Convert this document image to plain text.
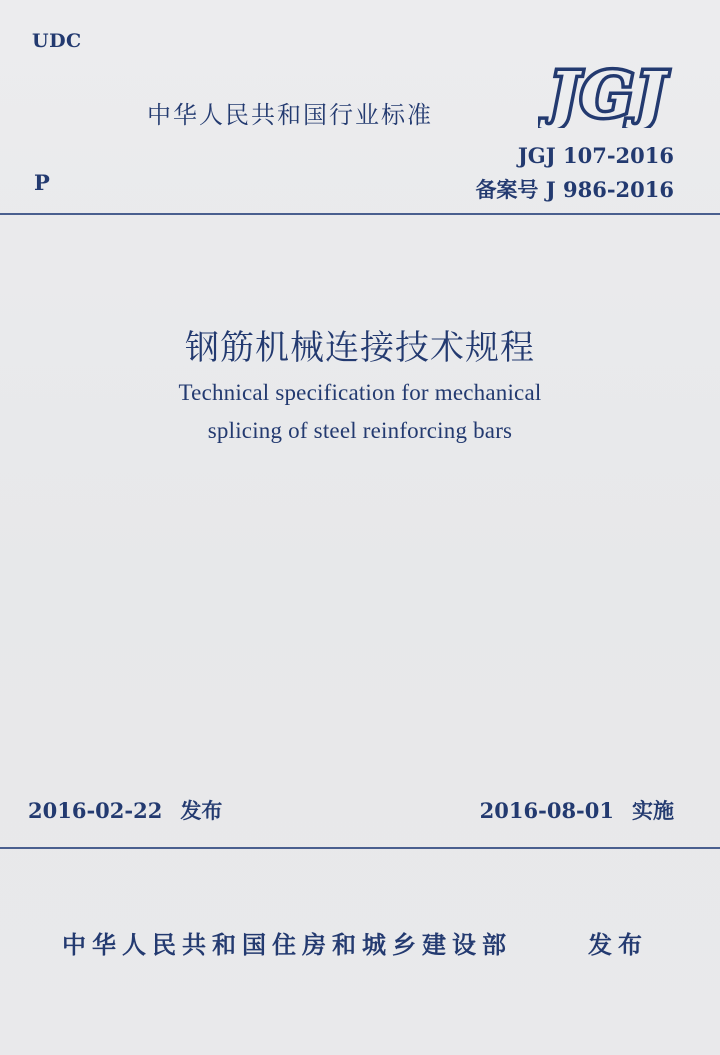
UDC
中华人民共和国行业标准 JGJ
JGJ 107-2016
P	备案号 J 986-2016
钢筋机械连接技术规程
Technical specification for mechanical
splicing of steel reinforcing bars
2016-02-22 发布	2016-08-01 实施
中华人民共和国住房和城乡建设部	发布
